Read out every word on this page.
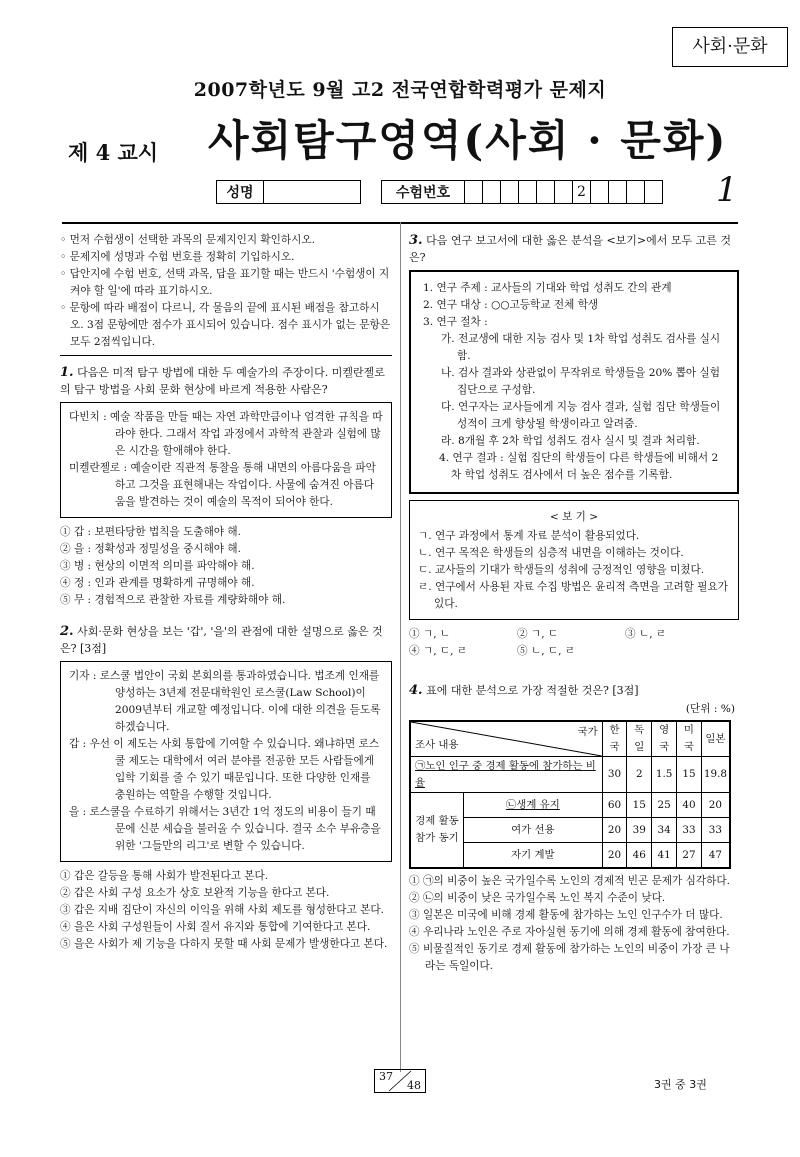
사회·문화
2007학년도 9월 고2 전국연합학력평가 문제지
제 4 교시 사회탐구영역(사회 · 문화)
성명			수험번호							2					1

◦ 먼저 수험생이 선택한 과목의 문제지인지 확인하시오.

◦ 문제지에 성명과 수험 번호를 정확히 기입하시오.

◦ 답안지에 수험 번호, 선택 과목, 답을 표기할 때는 반드시 '수험생이 지켜야 할 일'에 따라 표기하시오.

◦ 문항에 따라 배점이 다르니, 각 물음의 끝에 표시된 배점을 참고하시오. 3점 문항에만 점수가 표시되어 있습니다. 점수 표시가 없는 문항은 모두 2점씩입니다.

1. 다음은 미적 탐구 방법에 대한 두 예술가의 주장이다. 미켈란젤로의 탐구 방법을 사회 문화 현상에 바르게 적용한 사람은?

다빈치 : 예술 작품을 만들 때는 자연 과학만큼이나 엄격한 규칙을 따라야 한다. 그래서 작업 과정에서 과학적 관찰과 실험에 많은 시간을 할애해야 한다.

미켈란젤로 : 예술이란 직관적 통찰을 통해 내면의 아름다움을 파악하고 그것을 표현해내는 작업이다. 사물에 숨겨진 아름다움을 발견하는 것이 예술의 목적이 되어야 한다.

① 갑 : 보편타당한 법칙을 도출해야 해.

② 을 : 정확성과 정밀성을 중시해야 해.

③ 병 : 현상의 이면적 의미를 파악해야 해.

④ 정 : 인과 관계를 명확하게 규명해야 해.

⑤ 무 : 경험적으로 관찰한 자료를 계량화해야 해.

2. 사회·문화 현상을 보는 '갑', '을'의 관점에 대한 설명으로 옳은 것은? [3점]

기자 : 로스쿨 법안이 국회 본회의를 통과하였습니다. 법조계 인재를 양성하는 3년제 전문대학원인 로스쿨(Law School)이 2009년부터 개교할 예정입니다. 이에 대한 의견을 듣도록 하겠습니다.

갑 : 우선 이 제도는 사회 통합에 기여할 수 있습니다. 왜냐하면 로스쿨 제도는 대학에서 여러 분야를 전공한 모든 사람들에게 입학 기회를 줄 수 있기 때문입니다. 또한 다양한 인재를 충원하는 역할을 수행할 것입니다.

을 : 로스쿨을 수료하기 위해서는 3년간 1억 정도의 비용이 들기 때문에 신분 세습을 불러올 수 있습니다. 결국 소수 부유층을 위한 '그들만의 리그'로 변할 수 있습니다.

① 갑은 갈등을 통해 사회가 발전된다고 본다.

② 갑은 사회 구성 요소가 상호 보완적 기능을 한다고 본다.

③ 갑은 지배 집단이 자신의 이익을 위해 사회 제도를 형성한다고 본다.

④ 을은 사회 구성원들이 사회 질서 유지와 통합에 기여한다고 본다.

⑤ 을은 사회가 제 기능을 다하지 못할 때 사회 문제가 발생한다고 본다.

3. 다음 연구 보고서에 대한 옳은 분석을 <보기>에서 모두 고른 것은?

1. 연구 주제 : 교사들의 기대와 학업 성취도 간의 관계

2. 연구 대상 : ○○고등학교 전체 학생

3. 연구 절차 :

가. 전교생에 대한 지능 검사 및 1차 학업 성취도 검사를 실시함.

나. 검사 결과와 상관없이 무작위로 학생들을 20% 뽑아 실험 집단으로 구성함.

다. 연구자는 교사들에게 지능 검사 결과, 실험 집단 학생들이 성적이 크게 향상될 학생이라고 알려줌.

라. 8개월 후 2차 학업 성취도 검사 실시 및 결과 처리함.

4. 연구 결과 : 실험 집단의 학생들이 다른 학생들에 비해서 2차 학업 성취도 검사에서 더 높은 점수를 기록함.

< 보 기 >

ㄱ. 연구 과정에서 통계 자료 분석이 활용되었다.

ㄴ. 연구 목적은 학생들의 심층적 내면을 이해하는 것이다.

ㄷ. 교사들의 기대가 학생들의 성취에 긍정적인 영향을 미쳤다.

ㄹ. 연구에서 사용된 자료 수집 방법은 윤리적 측면을 고려할 필요가 있다.

① ㄱ, ㄴ	② ㄱ, ㄷ	③ ㄴ, ㄹ
④ ㄱ, ㄷ, ㄹ	⑤ ㄴ, ㄷ, ㄹ

4. 표에 대한 분석으로 가장 적절한 것은? [3점]

(단위 : %)
국가
조사 내용		한국	독일	영국	미국	일본
㉠노인 인구 중 경제 활동에 참가하는 비율		30	2	1.5	15	19.8
경제 활동 참가 동기	㉡생계 유지	60	15	25	40	20
	여가 선용	20	39	34	33	33
	자기 계발	20	46	41	27	47

① ㉠의 비중이 높은 국가일수록 노인의 경제적 빈곤 문제가 심각하다.

② ㉡의 비중이 낮은 국가일수록 노인 복지 수준이 낮다.

③ 일본은 미국에 비해 경제 활동에 참가하는 노인 인구수가 더 많다.

④ 우리나라 노인은 주로 자아실현 동기에 의해 경제 활동에 참여한다.

⑤ 비물질적인 동기로 경제 활동에 참가하는 노인의 비중이 가장 큰 나라는 독일이다.

37
48	3권 중 3권
